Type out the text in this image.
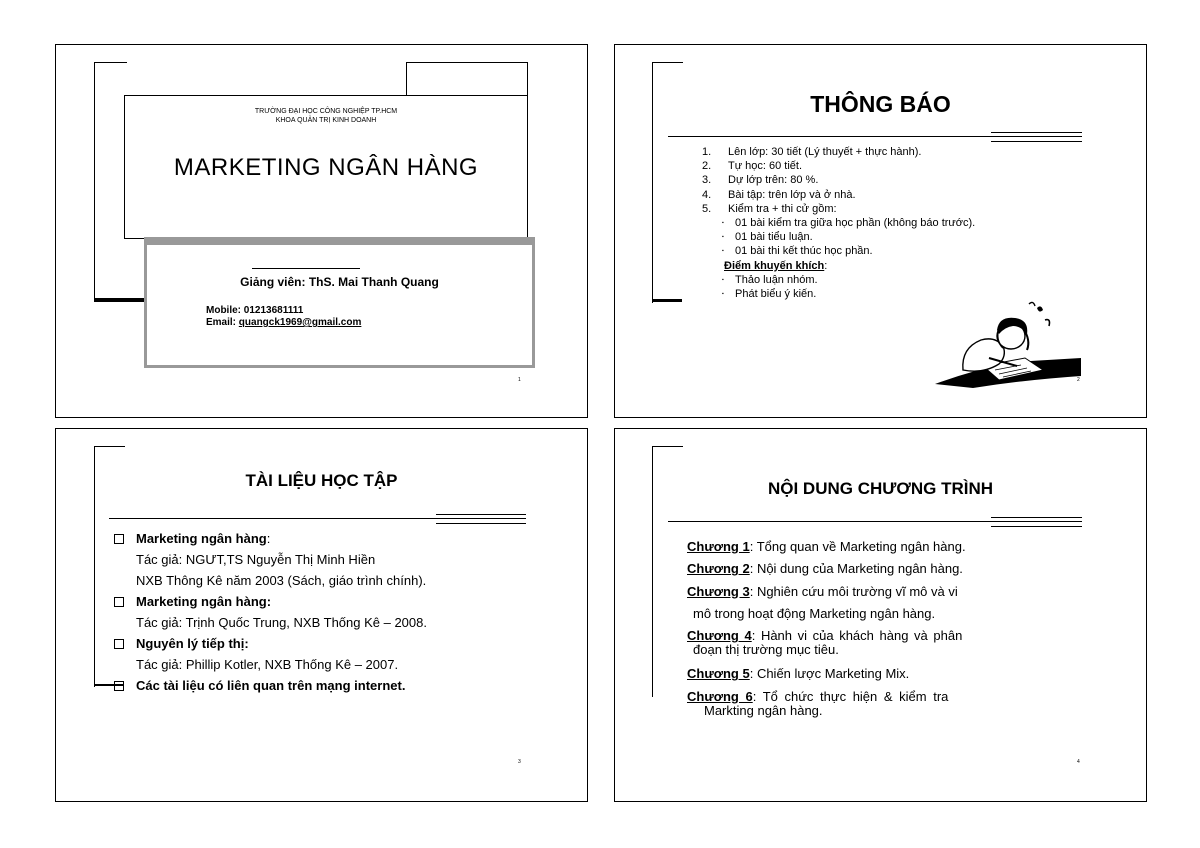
TRƯỜNG ĐẠI HỌC CÔNG NGHIỆP TP.HCM
KHOA QUẢN TRỊ KINH DOANH
MARKETING NGÂN HÀNG
Giảng viên: ThS. Mai Thanh Quang
Mobile: 01213681111
Email: quangck1969@gmail.com
1
THÔNG BÁO
1. Lên lớp: 30 tiết (Lý thuyết + thực hành).
2. Tự học: 60 tiết.
3. Dự lớp trên: 80 %.
4. Bài tập: trên lớp và ở nhà.
5. Kiểm tra + thi cử gồm:
▪ 01 bài kiểm tra giữa học phần (không báo trước).
▪ 01 bài tiểu luận.
▪ 01 bài thi kết thúc học phần.
Điểm khuyến khích:
▪ Thảo luận nhóm.
▪ Phát biểu ý kiến.
2
TÀI LIỆU HỌC TẬP
Marketing ngân hàng:
Tác giả: NGƯT,TS Nguyễn Thị Minh Hiền
NXB Thông Kê năm 2003 (Sách, giáo trình chính).
Marketing ngân hàng:
Tác giả: Trịnh Quốc Trung, NXB Thống Kê – 2008.
Nguyên lý tiếp thị:
Tác giả: Phillip Kotler, NXB Thống Kê – 2007.
Các tài liệu có liên quan trên mạng internet.
3
NỘI DUNG CHƯƠNG TRÌNH
Chương 1: Tổng quan về Marketing ngân hàng.
Chương 2: Nội dung của Marketing ngân hàng.
Chương 3: Nghiên cứu môi trường vĩ mô và vi
mô trong hoạt động Marketing ngân hàng.
Chương 4: Hành vi của khách hàng và phân
đoạn thị trường mục tiêu.
Chương 5: Chiến lược Marketing Mix.
Chương 6: Tổ chức thực hiện & kiểm tra
Markting ngân hàng.
4
